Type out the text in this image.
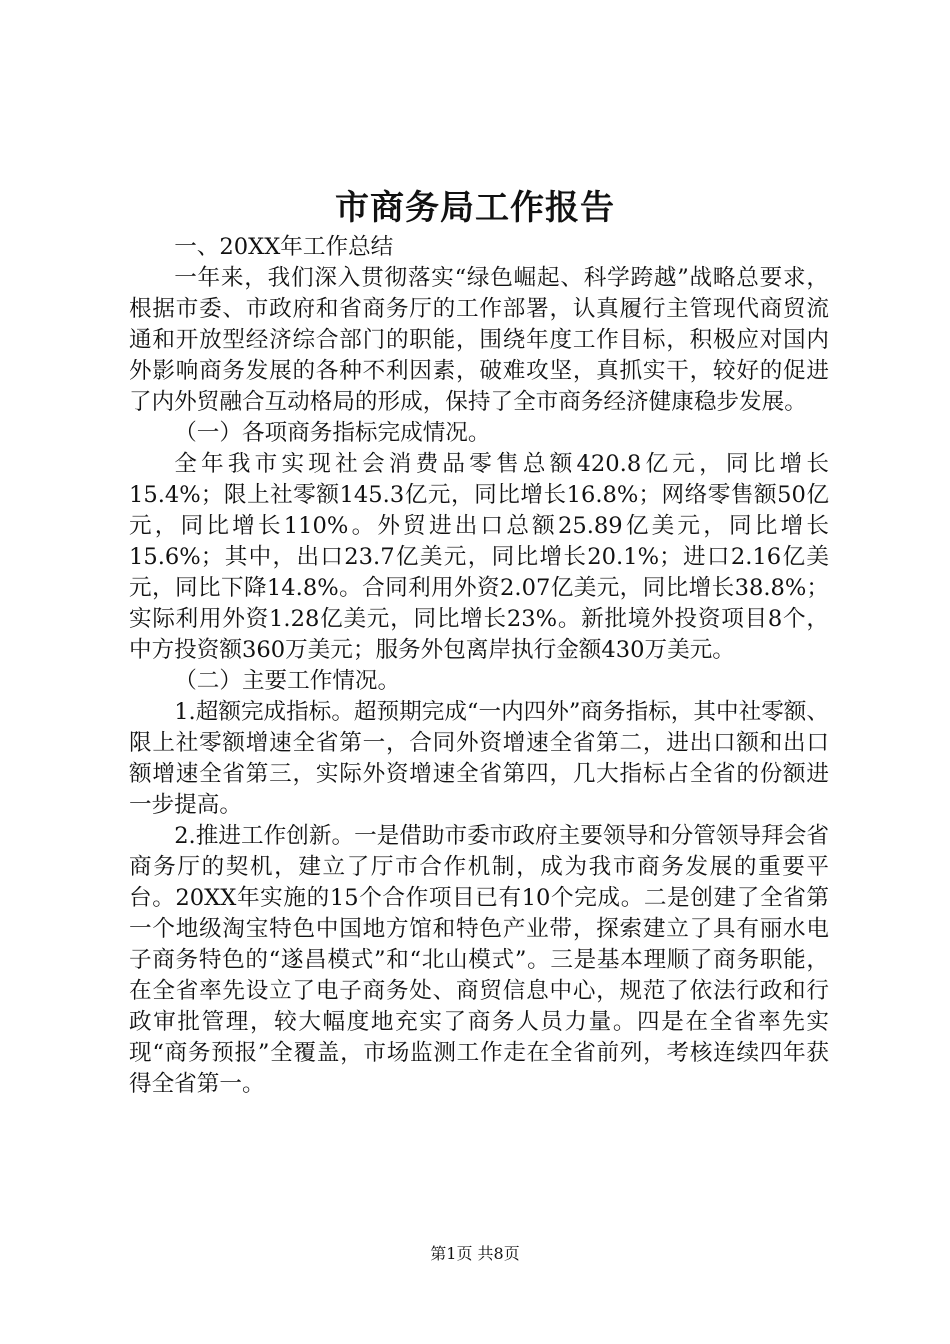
市商务局工作报告

一、20XX年工作总结

一年来，我们深入贯彻落实“绿色崛起、科学跨越”战略总要求，根据市委、市政府和省商务厅的工作部署，认真履行主管现代商贸流通和开放型经济综合部门的职能，围绕年度工作目标，积极应对国内外影响商务发展的各种不利因素，破难攻坚，真抓实干，较好的促进了内外贸融合互动格局的形成，保持了全市商务经济健康稳步发展。

（一）各项商务指标完成情况。

全年我市实现社会消费品零售总额420.8亿元，同比增长15.4%；限上社零额145.3亿元，同比增长16.8%；网络零售额50亿元，同比增长110%。外贸进出口总额25.89亿美元，同比增长15.6%；其中，出口23.7亿美元，同比增长20.1%；进口2.16亿美元，同比下降14.8%。合同利用外资2.07亿美元，同比增长38.8%；实际利用外资1.28亿美元，同比增长23%。新批境外投资项目8个，中方投资额360万美元；服务外包离岸执行金额430万美元。

（二）主要工作情况。

1.超额完成指标。超预期完成“一内四外”商务指标，其中社零额、限上社零额增速全省第一，合同外资增速全省第二，进出口额和出口额增速全省第三，实际外资增速全省第四，几大指标占全省的份额进一步提高。

2.推进工作创新。一是借助市委市政府主要领导和分管领导拜会省商务厅的契机，建立了厅市合作机制，成为我市商务发展的重要平台。20XX年实施的15个合作项目已有10个完成。二是创建了全省第一个地级淘宝特色中国地方馆和特色产业带，探索建立了具有丽水电子商务特色的“遂昌模式”和“北山模式”。三是基本理顺了商务职能，在全省率先设立了电子商务处、商贸信息中心，规范了依法行政和行政审批管理，较大幅度地充实了商务人员力量。四是在全省率先实现“商务预报”全覆盖，市场监测工作走在全省前列，考核连续四年获得全省第一。

第1页 共8页
